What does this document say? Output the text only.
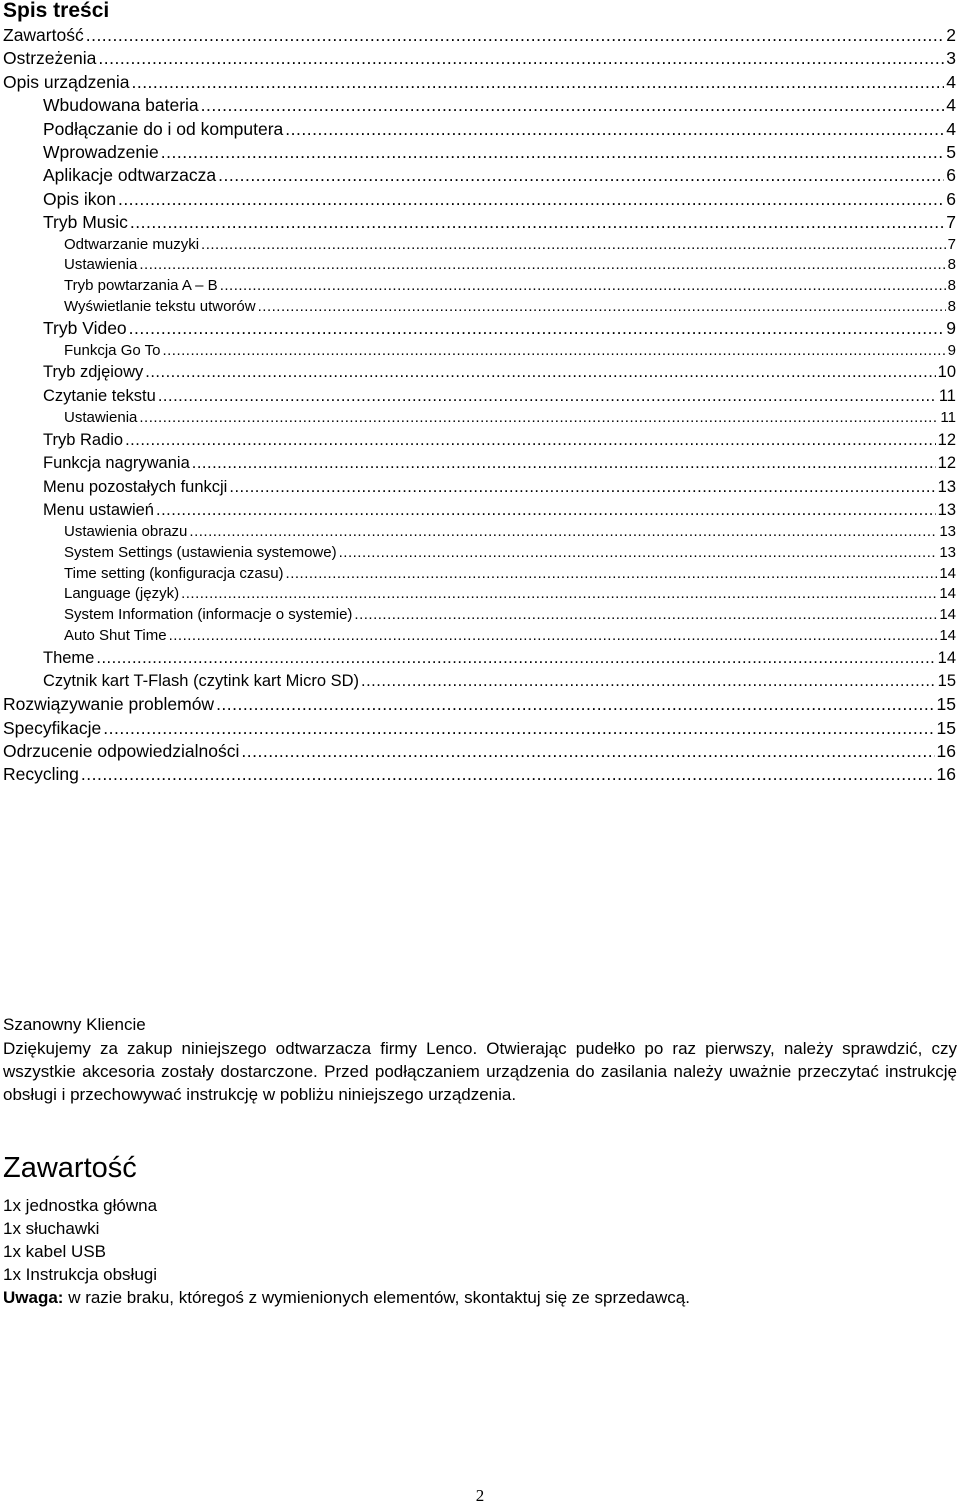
Spis treści
Zawartość .....	2
Ostrzeżenia .....	3
Opis urządzenia .....	4
Wbudowana bateria .....	4
Podłączanie do i od komputera .....	4
Wprowadzenie .....	5
Aplikacje odtwarzacza .....	6
Opis ikon .....	6
Tryb Music .....	7
Odtwarzanie muzyki .....	7
Ustawienia .....	8
Tryb powtarzania A – B .....	8
Wyświetlanie tekstu utworów .....	8
Tryb Video .....	9
Funkcja Go To .....	9
Tryb zdjęiowy .....	10
Czytanie tekstu .....	11
Ustawienia .....	11
Tryb Radio .....	12
Funkcja nagrywania .....	12
Menu pozostałych funkcji .....	13
Menu ustawień .....	13
Ustawienia obrazu .....	13
System Settings (ustawienia systemowe) .....	13
Time setting (konfiguracja czasu) .....	14
Language (język) .....	14
System Information (informacje o systemie) .....	14
Auto Shut Time .....	14
Theme .....	14
Czytnik kart T-Flash (czytink kart Micro SD) .....	15
Rozwiązywanie problemów .....	15
Specyfikacje .....	15
Odrzucenie odpowiedzialności .....	16
Recycling .....	16
Szanowny Kliencie
Dziękujemy za zakup niniejszego odtwarzacza firmy Lenco. Otwierając pudełko po raz pierwszy, należy sprawdzić, czy wszystkie akcesoria zostały dostarczone. Przed podłączaniem urządzenia do zasilania należy uważnie przeczytać instrukcję obsługi i przechowywać instrukcję w pobliżu niniejszego urządzenia.
Zawartość
1x jednostka główna
1x słuchawki
1x kabel USB
1x Instrukcja obsługi
Uwaga: w razie braku, któregoś z wymienionych elementów, skontaktuj się ze sprzedawcą.
2
